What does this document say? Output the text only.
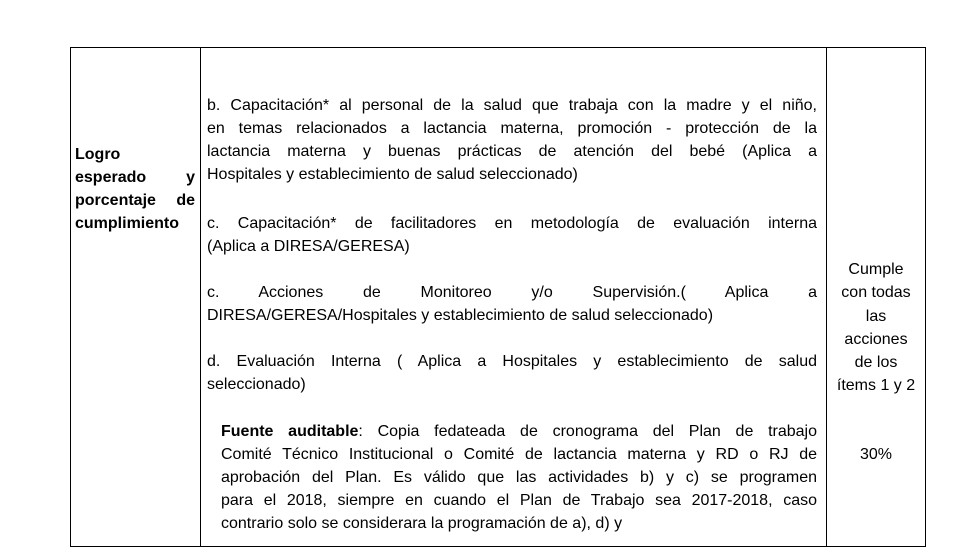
Logro
esperado y
porcentaje de
cumplimiento
b. Capacitación* al personal de la salud que trabaja con la madre y el niño,
en temas relacionados a lactancia materna, promoción - protección de la
lactancia materna y buenas prácticas de atención del bebé (Aplica a
Hospitales y establecimiento de salud seleccionado)
c. Capacitación* de facilitadores en metodología de evaluación interna
(Aplica a DIRESA/GERESA)
c. Acciones de Monitoreo y/o Supervisión.( Aplica a
DIRESA/GERESA/Hospitales y establecimiento de salud seleccionado)
d. Evaluación Interna ( Aplica a Hospitales y establecimiento de salud
seleccionado)
Fuente auditable: Copia fedateada de cronograma del Plan de trabajo
Comité Técnico Institucional o Comité de lactancia materna y RD o RJ de
aprobación del Plan. Es válido que las actividades b) y c) se programen
para el 2018, siempre en cuando el Plan de Trabajo sea 2017-2018, caso
contrario solo se considerara la programación de a), d) y
Cumple
con todas
las
acciones
de los
ítems 1 y 2
30%
